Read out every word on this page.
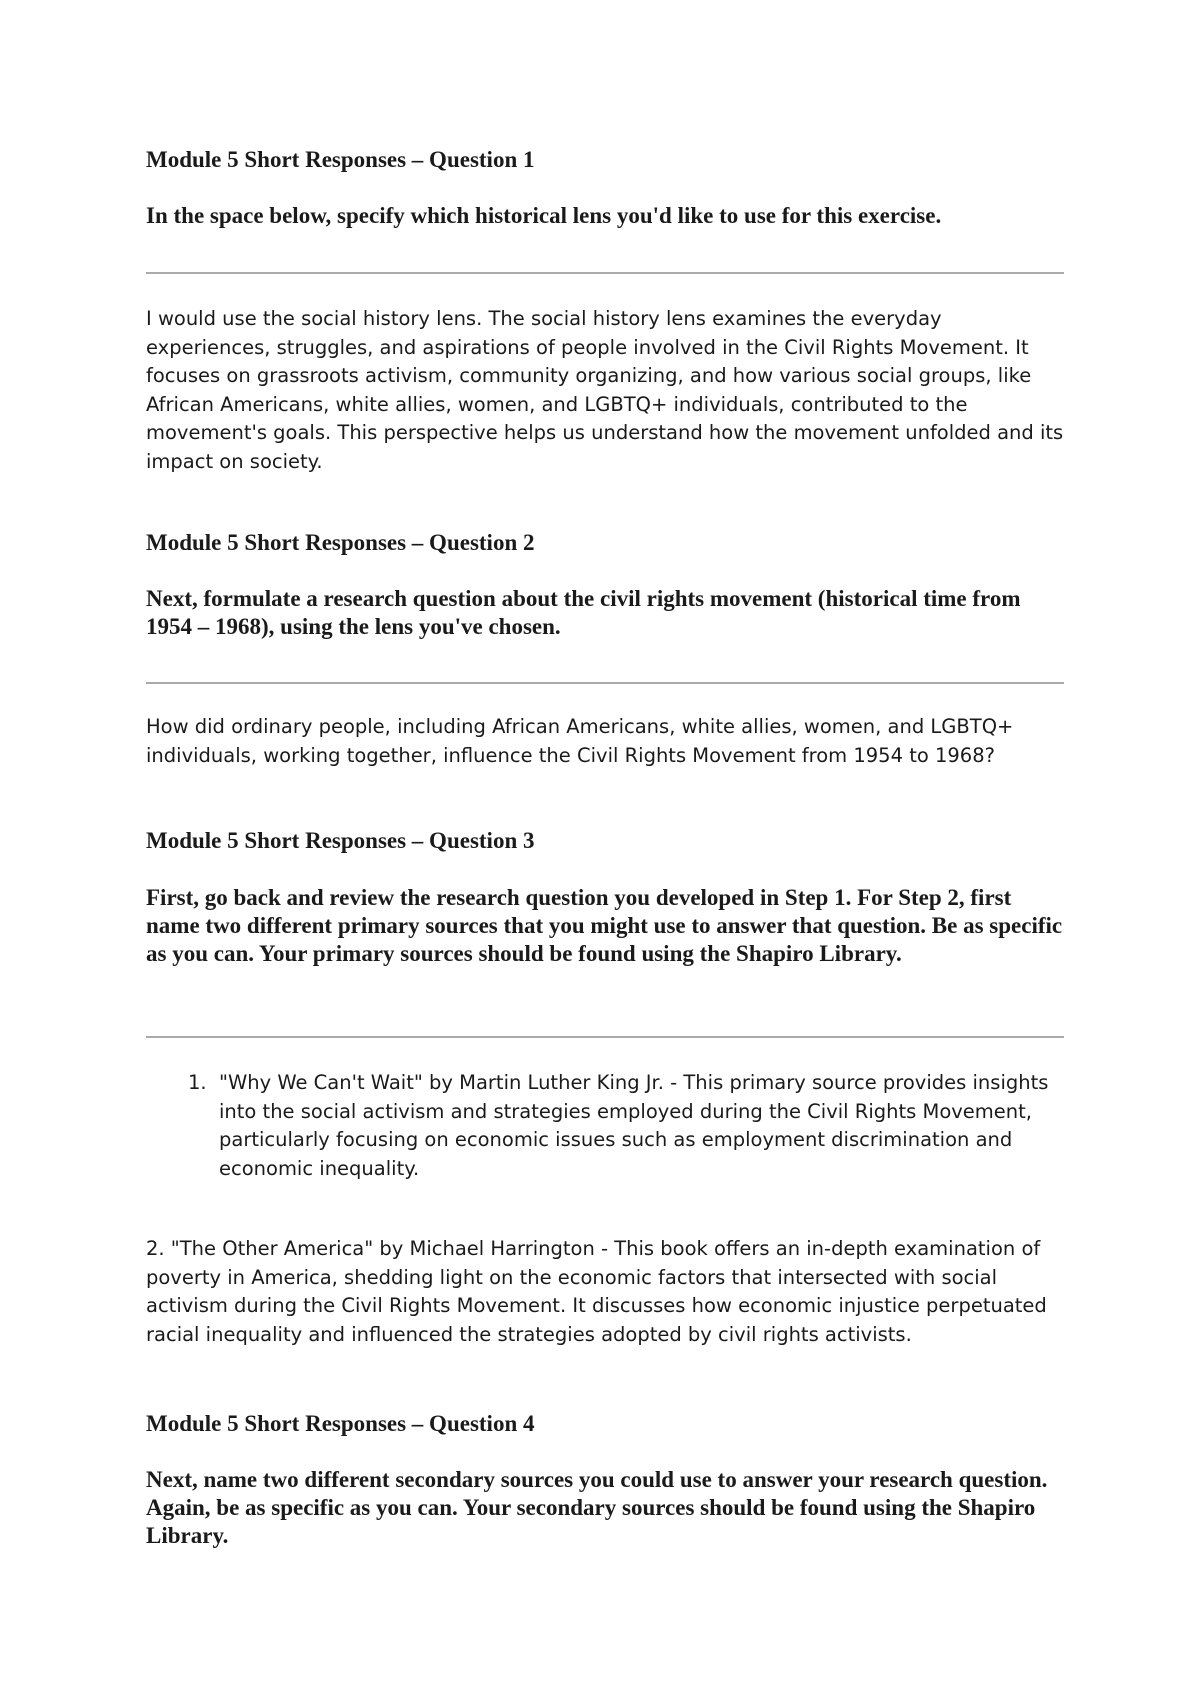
Module 5 Short Responses – Question 1

In the space below, specify which historical lens you'd like to use for this exercise.

I would use the social history lens. The social history lens examines the everyday experiences, struggles, and aspirations of people involved in the Civil Rights Movement. It focuses on grassroots activism, community organizing, and how various social groups, like African Americans, white allies, women, and LGBTQ+ individuals, contributed to the movement's goals. This perspective helps us understand how the movement unfolded and its impact on society.

Module 5 Short Responses – Question 2

Next, formulate a research question about the civil rights movement (historical time from 1954 – 1968), using the lens you've chosen.

How did ordinary people, including African Americans, white allies, women, and LGBTQ+ individuals, working together, influence the Civil Rights Movement from 1954 to 1968?

Module 5 Short Responses – Question 3

First, go back and review the research question you developed in Step 1. For Step 2, first name two different primary sources that you might use to answer that question. Be as specific as you can. Your primary sources should be found using the Shapiro Library.

1. "Why We Can't Wait" by Martin Luther King Jr. - This primary source provides insights into the social activism and strategies employed during the Civil Rights Movement, particularly focusing on economic issues such as employment discrimination and economic inequality.

2. "The Other America" by Michael Harrington - This book offers an in-depth examination of poverty in America, shedding light on the economic factors that intersected with social activism during the Civil Rights Movement. It discusses how economic injustice perpetuated racial inequality and influenced the strategies adopted by civil rights activists.

Module 5 Short Responses – Question 4

Next, name two different secondary sources you could use to answer your research question. Again, be as specific as you can. Your secondary sources should be found using the Shapiro Library.
